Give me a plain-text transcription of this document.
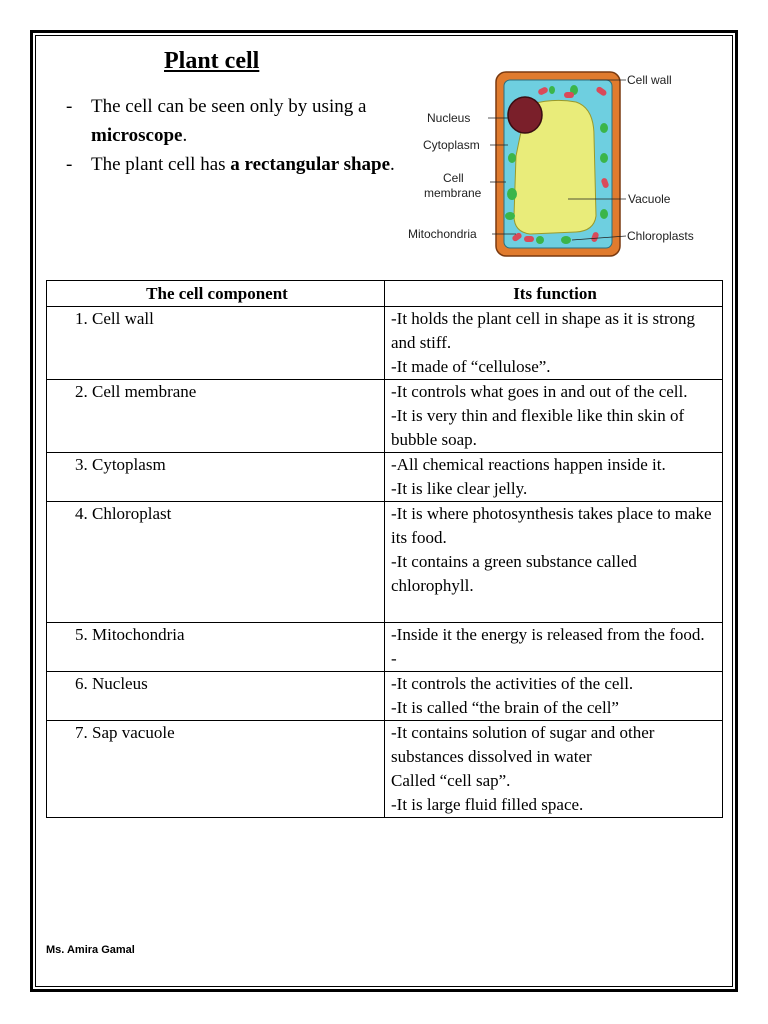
Plant cell
- The cell can be seen only by using a microscope.
- The plant cell has a rectangular shape.
Cell wall
Nucleus
Cytoplasm
Cell
membrane	Vacuole
Mitochondria	Chloroplasts
The cell component	Its function
1. Cell wall	-It holds the plant cell in shape as it is strong and stiff.
-It made of “cellulose”.

2. Cell membrane	-It controls what goes in and out of the cell.
-It is very thin and flexible like thin skin of bubble soap.

3. Cytoplasm	-All chemical reactions happen inside it.
-It is like clear jelly.

4. Chloroplast	-It is where photosynthesis takes place to make its food.
-It contains a green substance called chlorophyll.

5. Mitochondria	-Inside it the energy is released from the food.
-

6. Nucleus	-It controls the activities of the cell.
-It is called “the brain of the cell”

7. Sap vacuole	-It contains solution of sugar and other substances dissolved in water
Called “cell sap”.
-It is large fluid filled space.

Ms. Amira Gamal
